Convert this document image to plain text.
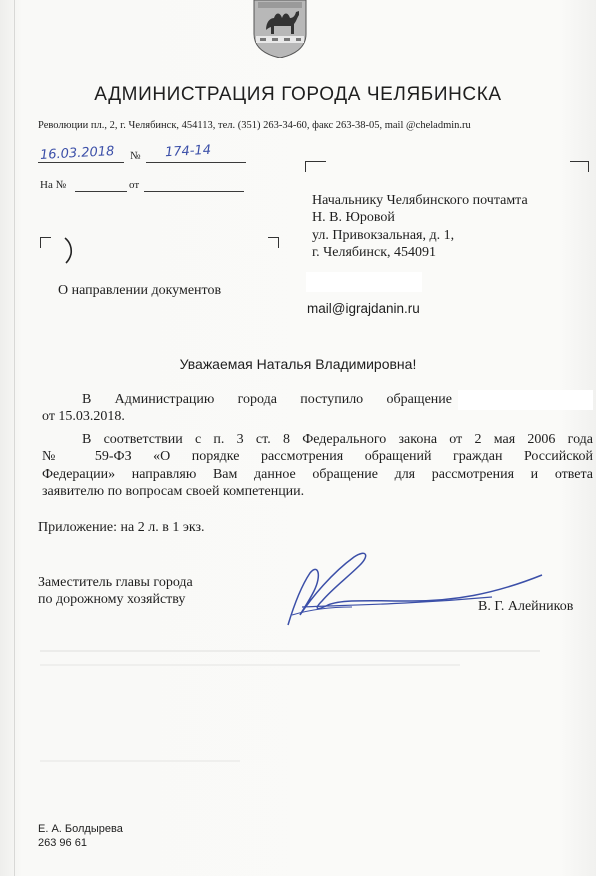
АДМИНИСТРАЦИЯ ГОРОДА ЧЕЛЯБИНСКА
Революции пл., 2, г. Челябинск, 454113, тел. (351) 263-34-60, факс 263-38-05, mail @cheladmin.ru
16.03.2018 № 174-14
На №	от
Начальнику Челябинского почтамта
Н. В. Юровой
ул. Привокзальная, д. 1,
г. Челябинск, 454091
mail@igrajdanin.ru
О направлении документов
Уважаемая Наталья Владимировна!
В Администрацию города поступило обращение
от 15.03.2018.
В соответствии с п. 3 ст. 8 Федерального закона от 2 мая 2006 года
№ 59-ФЗ «О порядке рассмотрения обращений граждан Российской
Федерации» направляю Вам данное обращение для рассмотрения и ответа
заявителю по вопросам своей компетенции.
Приложение: на 2 л. в 1 экз.
Заместитель главы города
по дорожному хозяйству	В. Г. Алейников
Е. А. Болдырева
263 96 61
